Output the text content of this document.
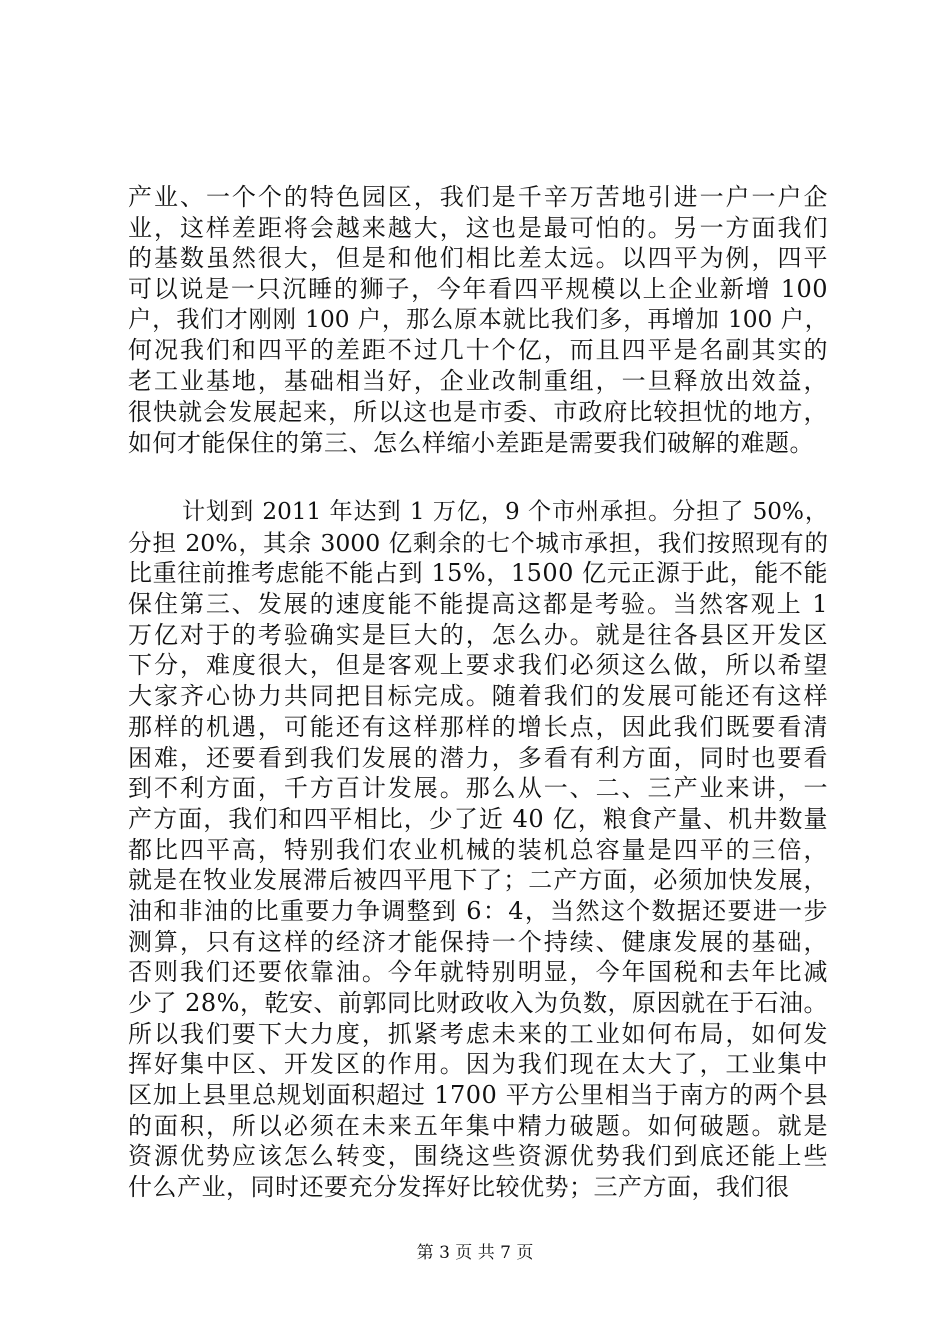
产业、一个个的特色园区，我们是千辛万苦地引进一户一户企
业，这样差距将会越来越大，这也是最可怕的。另一方面我们
的基数虽然很大，但是和他们相比差太远。以四平为例，四平
可以说是一只沉睡的狮子，今年看四平规模以上企业新增 100
户，我们才刚刚 100 户，那么原本就比我们多，再增加 100 户，
何况我们和四平的差距不过几十个亿，而且四平是名副其实的
老工业基地，基础相当好，企业改制重组，一旦释放出效益，
很快就会发展起来，所以这也是市委、市政府比较担忧的地方，
如何才能保住的第三、怎么样缩小差距是需要我们破解的难题。
计划到 2011 年达到 1 万亿，9 个市州承担。分担了 50%，
分担 20%，其余 3000 亿剩余的七个城市承担，我们按照现有的
比重往前推考虑能不能占到 15%，1500 亿元正源于此，能不能
保住第三、发展的速度能不能提高这都是考验。当然客观上 1
万亿对于的考验确实是巨大的，怎么办。就是往各县区开发区
下分，难度很大，但是客观上要求我们必须这么做，所以希望
大家齐心协力共同把目标完成。随着我们的发展可能还有这样
那样的机遇，可能还有这样那样的增长点，因此我们既要看清
困难，还要看到我们发展的潜力，多看有利方面，同时也要看
到不利方面，千方百计发展。那么从一、二、三产业来讲，一
产方面，我们和四平相比，少了近 40 亿，粮食产量、机井数量
都比四平高，特别我们农业机械的装机总容量是四平的三倍，
就是在牧业发展滞后被四平甩下了；二产方面，必须加快发展，
油和非油的比重要力争调整到 6：4，当然这个数据还要进一步
测算，只有这样的经济才能保持一个持续、健康发展的基础，
否则我们还要依靠油。今年就特别明显，今年国税和去年比减
少了 28%，乾安、前郭同比财政收入为负数，原因就在于石油。
所以我们要下大力度，抓紧考虑未来的工业如何布局，如何发
挥好集中区、开发区的作用。因为我们现在太大了，工业集中
区加上县里总规划面积超过 1700 平方公里相当于南方的两个县
的面积，所以必须在未来五年集中精力破题。如何破题。就是
资源优势应该怎么转变，围绕这些资源优势我们到底还能上些
什么产业，同时还要充分发挥好比较优势；三产方面，我们很
第 3 页 共 7 页
